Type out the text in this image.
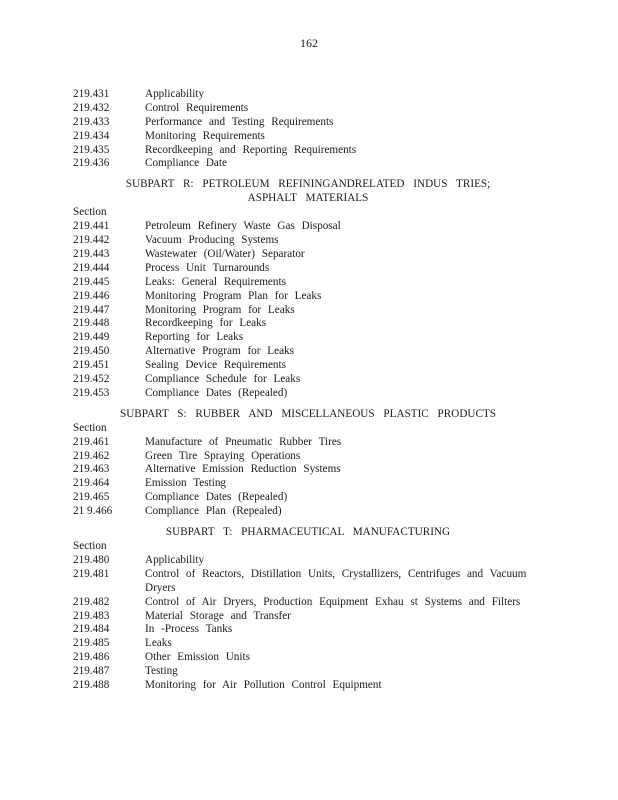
162
219.431	Applicability
219.432	Control Requirements
219.433	Performance and Testing Requirements
219.434	Monitoring Requirements
219.435	Recordkeeping and Reporting Requirements
219.436	Compliance Date
SUBPART R: PETROLEUM REFININGANDRELATED INDUS TRIES;
ASPHALT MATERIALS
Section
219.441	Petroleum Refinery Waste Gas Disposal
219.442	Vacuum Producing Systems
219.443	Wastewater (Oil/Water) Separator
219.444	Process Unit Turnarounds
219.445	Leaks: General Requirements
219.446	Monitoring Program Plan for Leaks
219.447	Monitoring Program for Leaks
219.448	Recordkeeping for Leaks
219.449	Reporting for Leaks
219.450	Alternative Program for Leaks
219.451	Sealing Device Requirements
219.452	Compliance Schedule for Leaks
219.453	Compliance Dates (Repealed)
SUBPART S: RUBBER AND MISCELLANEOUS PLASTIC PRODUCTS
Section
219.461	Manufacture of Pneumatic Rubber Tires
219.462	Green Tire Spraying Operations
219.463	Alternative Emission Reduction Systems
219.464	Emission Testing
219.465	Compliance Dates (Repealed)
21 9.466	Compliance Plan (Repealed)
SUBPART T: PHARMACEUTICAL MANUFACTURING
Section
219.480	Applicability
219.481	Control of Reactors, Distillation Units, Crystallizers, Centrifuges and Vacuum Dryers
219.482	Control of Air Dryers, Production Equipment Exhau st Systems and Filters
219.483	Material Storage and Transfer
219.484	In -Process Tanks
219.485	Leaks
219.486	Other Emission Units
219.487	Testing
219.488	Monitoring for Air Pollution Control Equipment
